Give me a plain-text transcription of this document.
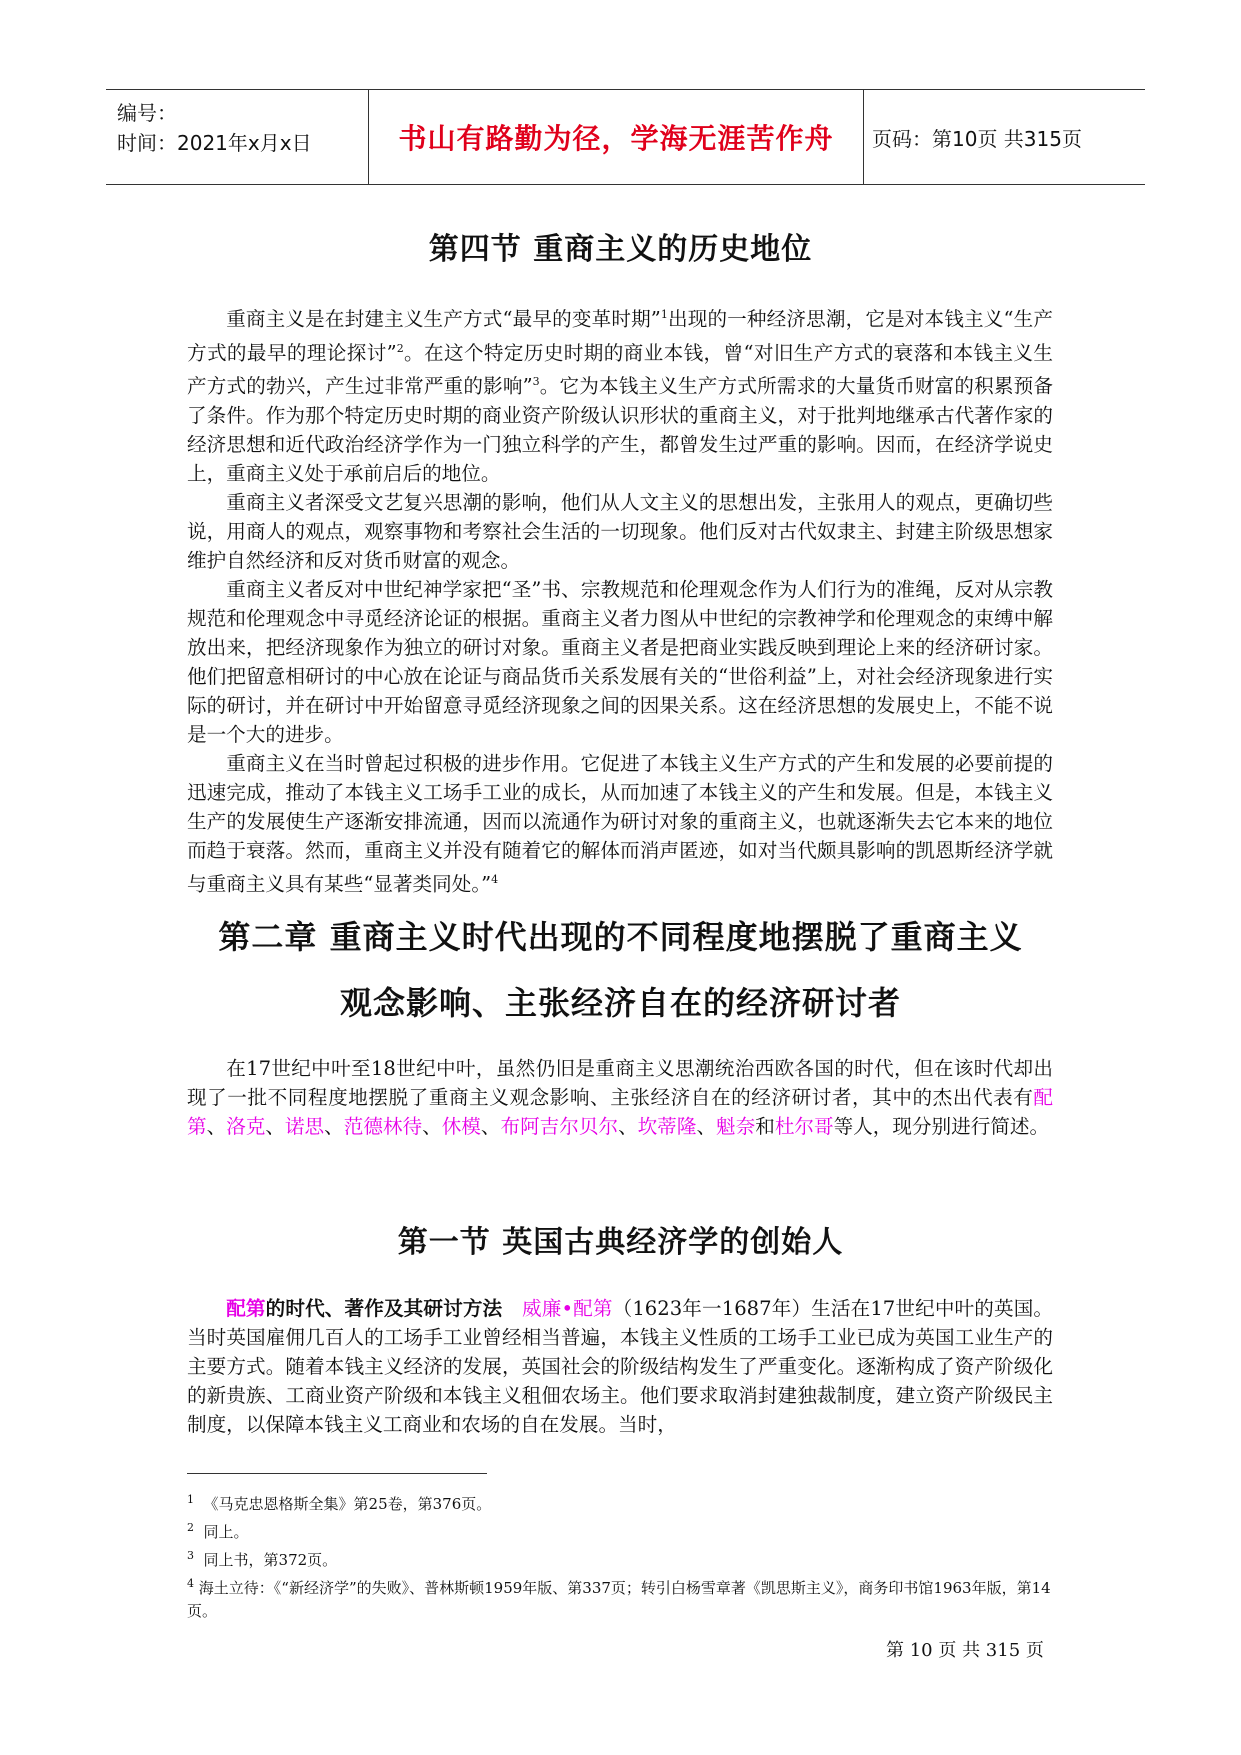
编号：
时间：2021年x月x日	书山有路勤为径，学海无涯苦作舟 页码：第10页 共315页
第四节 重商主义的历史地位

重商主义是在封建主义生产方式“最早的变革时期”$^1$出现的一种经济思潮，它是对本钱主义“生产方式的最早的理论探讨”$^2$。在这个特定历史时期的商业本钱，曾“对旧生产方式的衰落和本钱主义生产方式的勃兴，产生过非常严重的影响”$^3$。它为本钱主义生产方式所需求的大量货币财富的积累预备了条件。作为那个特定历史时期的商业资产阶级认识形状的重商主义，对于批判地继承古代著作家的经济思想和近代政治经济学作为一门独立科学的产生，都曾发生过严重的影响。因而，在经济学说史上，重商主义处于承前启后的地位。

重商主义者深受文艺复兴思潮的影响，他们从人文主义的思想出发，主张用人的观点，更确切些说，用商人的观点，观察事物和考察社会生活的一切现象。他们反对古代奴隶主、封建主阶级思想家维护自然经济和反对货币财富的观念。

重商主义者反对中世纪神学家把“圣”书、宗教规范和伦理观念作为人们行为的准绳，反对从宗教规范和伦理观念中寻觅经济论证的根据。重商主义者力图从中世纪的宗教神学和伦理观念的束缚中解放出来，把经济现象作为独立的研讨对象。重商主义者是把商业实践反映到理论上来的经济研讨家。他们把留意相研讨的中心放在论证与商品货币关系发展有关的“世俗利益”上，对社会经济现象进行实际的研讨，并在研讨中开始留意寻觅经济现象之间的因果关系。这在经济思想的发展史上，不能不说是一个大的进步。

重商主义在当时曾起过积极的进步作用。它促进了本钱主义生产方式的产生和发展的必要前提的迅速完成，推动了本钱主义工场手工业的成长，从而加速了本钱主义的产生和发展。但是，本钱主义生产的发展使生产逐渐安排流通，因而以流通作为研讨对象的重商主义，也就逐渐失去它本来的地位而趋于衰落。然而，重商主义并没有随着它的解体而消声匿迹，如对当代颇具影响的凯恩斯经济学就与重商主义具有某些“显著类同处。”$^4$

第二章 重商主义时代出现的不同程度地摆脱了重商主义
观念影响、主张经济自在的经济研讨者

在17世纪中叶至18世纪中叶，虽然仍旧是重商主义思潮统治西欧各国的时代，但在该时代却出现了一批不同程度地摆脱了重商主义观念影响、主张经济自在的经济研讨者，其中的杰出代表有配第、洛克、诺思、范德林待、休模、布阿吉尔贝尔、坎蒂隆、魁奈和杜尔哥等人，现分别进行简述。

第一节 英国古典经济学的创始人

配第的时代、著作及其研讨方法　 威廉•配第（1623年一1687年）生活在17世纪中叶的英国。当时英国雇佣几百人的工场手工业曾经相当普遍，本钱主义性质的工场手工业已成为英国工业生产的主要方式。随着本钱主义经济的发展，英国社会的阶级结构发生了严重变化。逐渐构成了资产阶级化的新贵族、工商业资产阶级和本钱主义租佃农场主。他们要求取消封建独裁制度，建立资产阶级民主制度，以保障本钱主义工商业和农场的自在发展。当时，

$^1$ 《马克忠恩格斯全集》第25卷，第376页。
$^2$ 同上。
$^3$ 同上书，第372页。
$^4$ 海土立待：《“新经济学”的失败》、普林斯顿1959年版、第337页；转引白杨雪章著《凯思斯主义》，商务印书馆1963年版，第14页。
第 10 页 共 315 页
